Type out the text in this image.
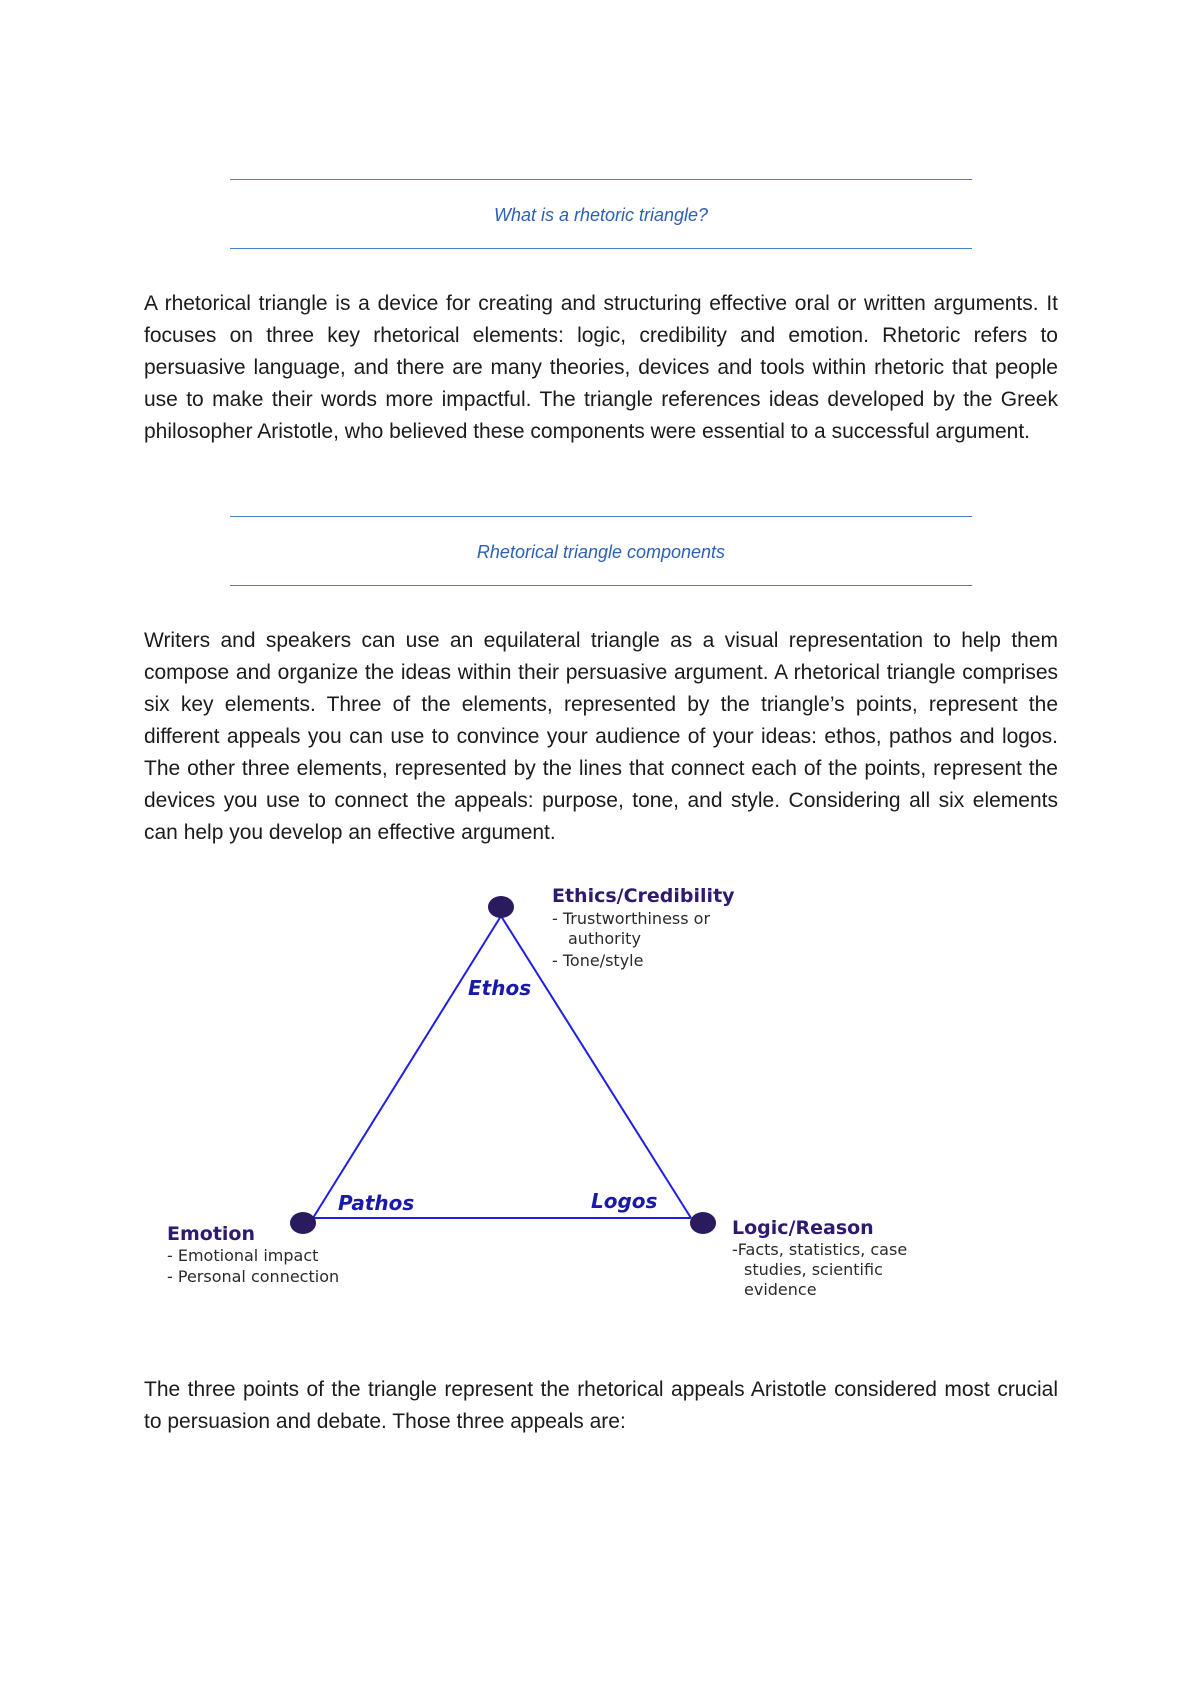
What is a rhetoric triangle?

A rhetorical triangle is a device for creating and structuring effective oral or written arguments. It focuses on three key rhetorical elements: logic, credibility and emotion. Rhetoric refers to persuasive language, and there are many theories, devices and tools within rhetoric that people use to make their words more impactful. The triangle references ideas developed by the Greek philosopher Aristotle, who believed these components were essential to a successful argument.

Rhetorical triangle components

Writers and speakers can use an equilateral triangle as a visual representation to help them compose and organize the ideas within their persuasive argument. A rhetorical triangle comprises six key elements. Three of the elements, represented by the triangle’s points, represent the different appeals you can use to convince your audience of your ideas: ethos, pathos and logos. The other three elements, represented by the lines that connect each of the points, represent the devices you use to connect the appeals: purpose, tone, and style. Considering all six elements can help you develop an effective argument.

Ethics/Credibility
- Trustworthiness or
authority
- Tone/style
Ethos
Pathos
Emotion
- Emotional impact
- Personal connection
Logos
Logic/Reason
-Facts, statistics, case
studies, scientific
evidence

The three points of the triangle represent the rhetorical appeals Aristotle considered most crucial to persuasion and debate. Those three appeals are:
